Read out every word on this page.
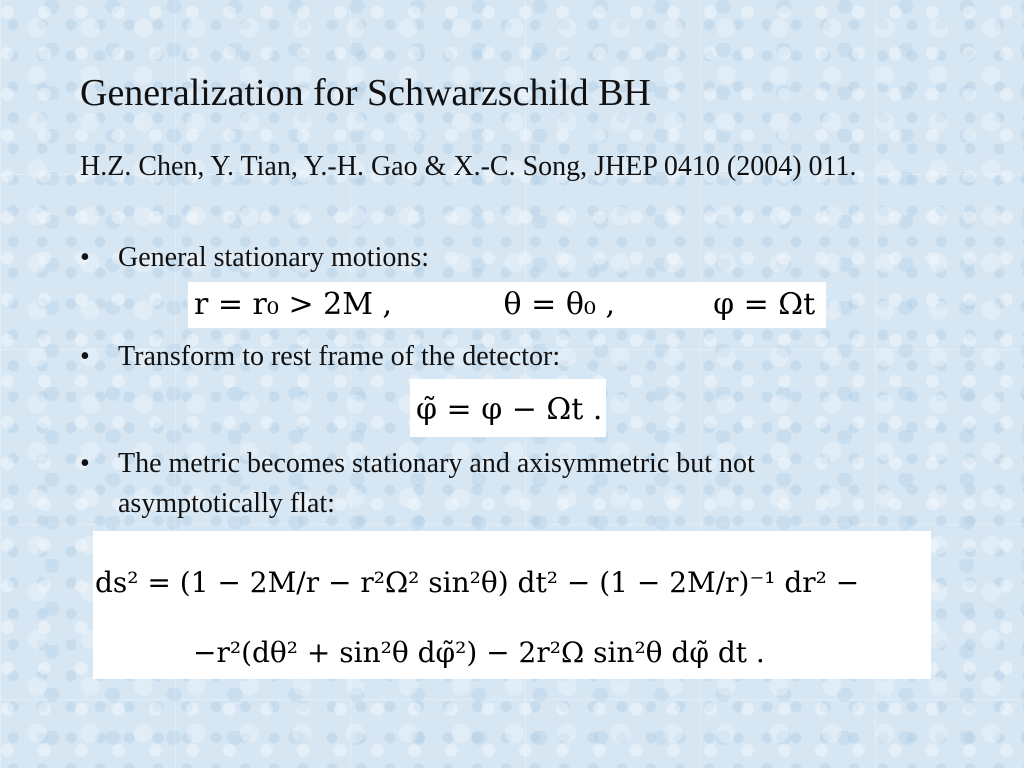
Generalization for Schwarzschild BH
H.Z. Chen, Y. Tian, Y.-H. Gao & X.-C. Song, JHEP 0410 (2004) 011.
•	General stationary motions:
r = r₀ > 2M ,	θ = θ₀ ,	φ = Ωt
•	Transform to rest frame of the detector:
φ̃ = φ − Ωt .
•	The metric becomes stationary and axisymmetric but not asymptotically flat:
ds² = (1 − 2M/r − r²Ω² sin²θ) dt² − (1 − 2M/r)⁻¹ dr² −
−r²(dθ² + sin²θ dφ̃²) − 2r²Ω sin²θ dφ̃ dt .
